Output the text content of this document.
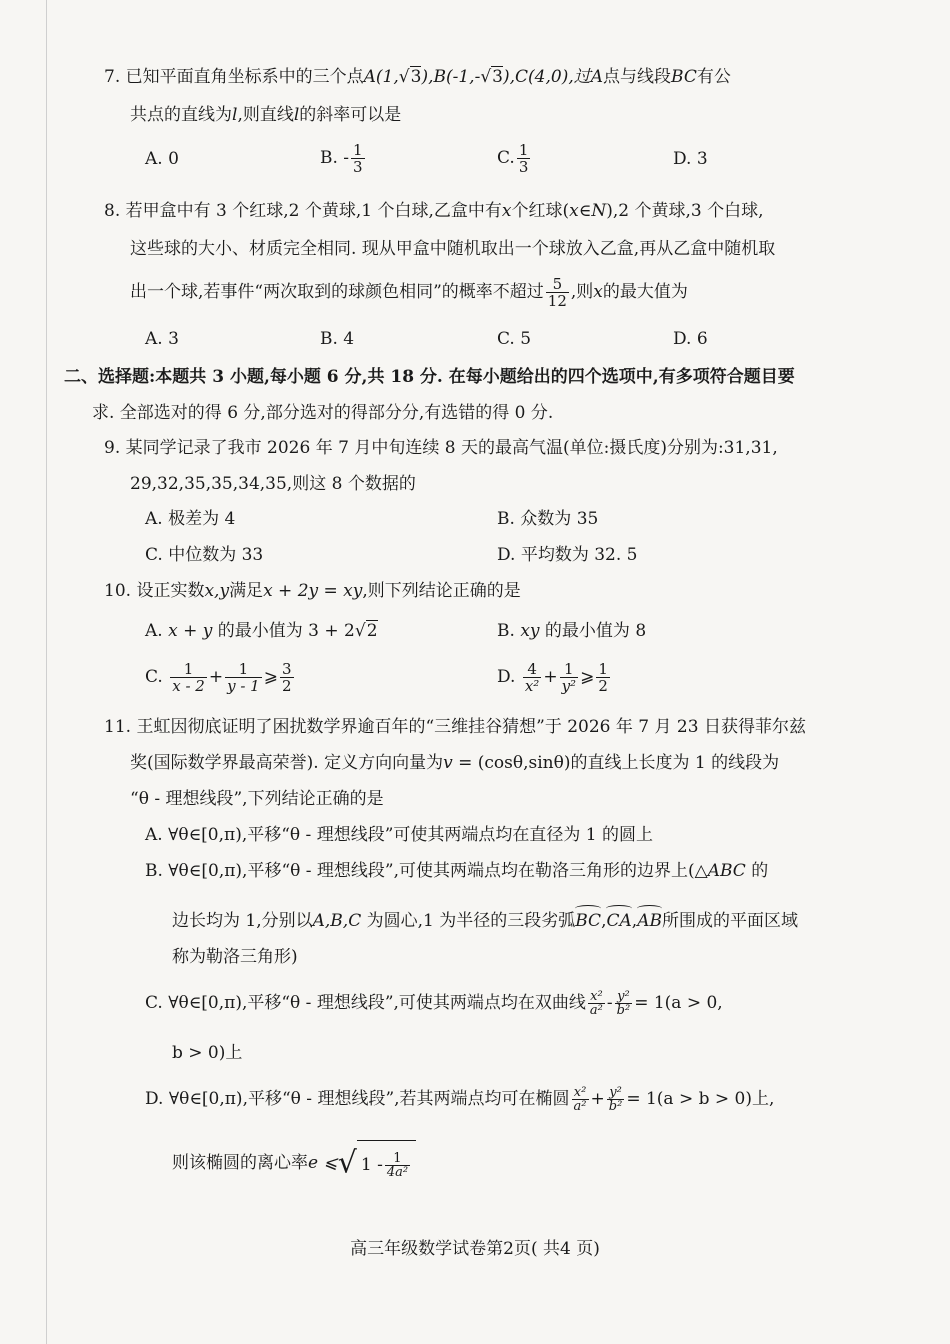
7. 已知平面直角坐标系中的三个点A(1,√3),B(-1,-√3),C(4,0),过A点与线段BC有公
共点的直线为l,则直线l的斜率可以是
A. 0	B. - $\frac{1}{3}$	C. $\frac{1}{3}$	D. 3
8. 若甲盒中有 3 个红球,2 个黄球,1 个白球,乙盒中有x个红球(x∈N),2 个黄球,3 个白球,
这些球的大小、材质完全相同. 现从甲盒中随机取出一个球放入乙盒,再从乙盒中随机取
出一个球,若事件“两次取到的球颜色相同”的概率不超过 $\frac{5}{12}$ ,则x的最大值为
A. 3	B. 4	C. 5	D. 6
二、选择题:本题共 3 小题,每小题 6 分,共 18 分. 在每小题给出的四个选项中,有多项符合题目要
求. 全部选对的得 6 分,部分选对的得部分分,有选错的得 0 分.
9. 某同学记录了我市 2026 年 7 月中旬连续 8 天的最高气温(单位:摄氏度)分别为:31,31,
29,32,35,35,34,35,则这 8 个数据的
A. 极差为 4	B. 众数为 35
C. 中位数为 33	D. 平均数为 32. 5
10. 设正实数x,y满足x + 2y = xy,则下列结论正确的是
A. x + y 的最小值为 3 + 2√2	B. xy 的最小值为 8
C. $\frac{1}{x - 2} + \frac{1}{y - 1}$ ⩾ $\frac{3}{2}$	D. $\frac{4}{\text{x²}} + \frac{1}{\text{y²}}$ ⩾ $\frac{1}{2}$
11. 王虹因彻底证明了困扰数学界逾百年的“三维挂谷猜想”于 2026 年 7 月 23 日获得菲尔兹
奖(国际数学界最高荣誉). 定义方向向量为v = (cosθ,sinθ)的直线上长度为 1 的线段为
“θ - 理想线段”,下列结论正确的是
A. ∀θ∈[0,π),平移“θ - 理想线段”可使其两端点均在直径为 1 的圆上
B. ∀θ∈[0,π),平移“θ - 理想线段”,可使其两端点均在勒洛三角形的边界上(△ABC 的
边长均为 1,分别以A,B,C 为圆心,1 为半径的三段劣弧BC,CA,AB所围成的平面区域
称为勒洛三角形)
C. ∀θ∈[0,π),平移“θ - 理想线段”,可使其两端点均在双曲线 $\frac{\text{x²}}{\text{a²}} - \frac{\text{y²}}{\text{b²}} = 1(a > 0$,
b > 0)上
D. ∀θ∈[0,π),平移“θ - 理想线段”,若其两端点均可在椭圆 $\frac{\text{x²}}{\text{a²}} + \frac{\text{y²}}{\text{b²}} = 1(a > b > 0)$上,
则该椭圆的离心率e ⩽√ $1 - \frac{1}{\text{4a²}}$
高三年级数学试卷第2页( 共4 页)
